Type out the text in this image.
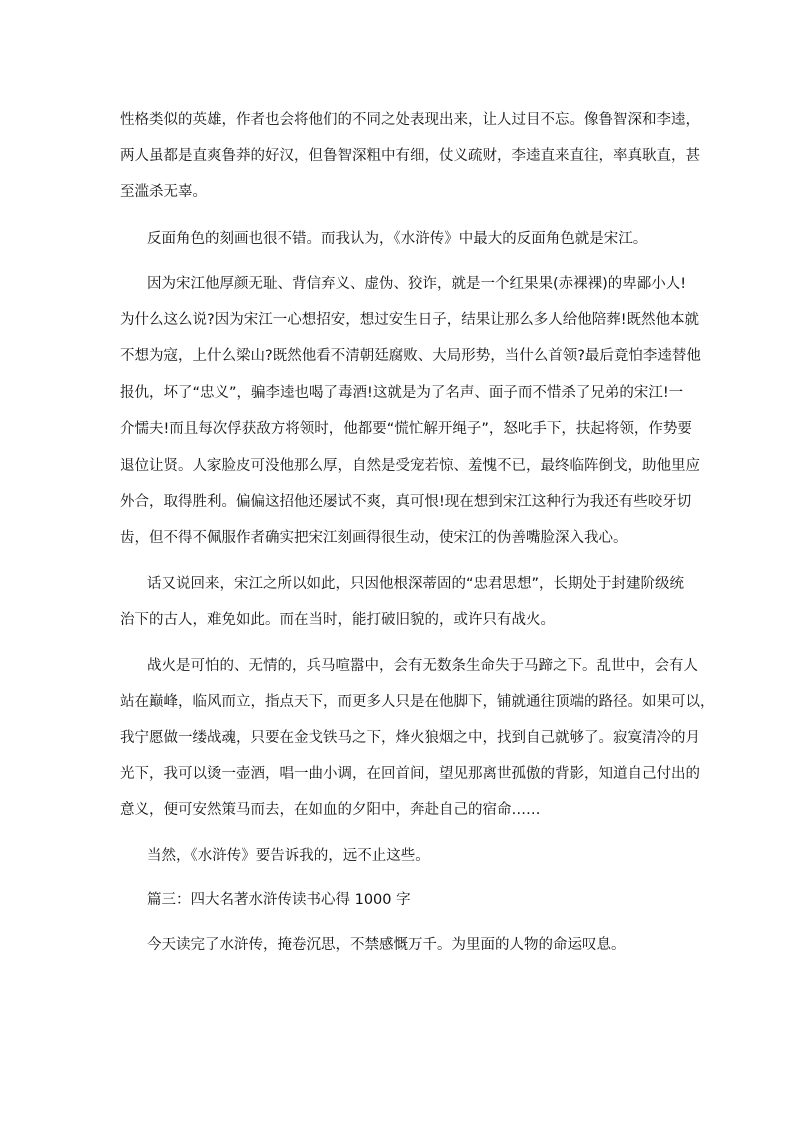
性格类似的英雄，作者也会将他们的不同之处表现出来，让人过目不忘。像鲁智深和李逵，
两人虽都是直爽鲁莽的好汉，但鲁智深粗中有细，仗义疏财，李逵直来直往，率真耿直，甚
至滥杀无辜。
反面角色的刻画也很不错。而我认为，《水浒传》中最大的反面角色就是宋江。
因为宋江他厚颜无耻、背信弃义、虚伪、狡诈，就是一个红果果(赤裸裸)的卑鄙小人!
为什么这么说?因为宋江一心想招安，想过安生日子，结果让那么多人给他陪葬!既然他本就
不想为寇，上什么梁山?既然他看不清朝廷腐败、大局形势，当什么首领?最后竟怕李逵替他
报仇，坏了“忠义”，骗李逵也喝了毒酒!这就是为了名声、面子而不惜杀了兄弟的宋江!一
介懦夫!而且每次俘获敌方将领时，他都要“慌忙解开绳子”，怒叱手下，扶起将领，作势要
退位让贤。人家脸皮可没他那么厚，自然是受宠若惊、羞愧不已，最终临阵倒戈，助他里应
外合，取得胜利。偏偏这招他还屡试不爽，真可恨!现在想到宋江这种行为我还有些咬牙切
齿，但不得不佩服作者确实把宋江刻画得很生动，使宋江的伪善嘴脸深入我心。
话又说回来，宋江之所以如此，只因他根深蒂固的“忠君思想”，长期处于封建阶级统
治下的古人，难免如此。而在当时，能打破旧貌的，或许只有战火。
战火是可怕的、无情的，兵马喧嚣中，会有无数条生命失于马蹄之下。乱世中，会有人
站在巅峰，临风而立，指点天下，而更多人只是在他脚下，铺就通往顶端的路径。如果可以，
我宁愿做一缕战魂，只要在金戈铁马之下，烽火狼烟之中，找到自己就够了。寂寞清冷的月
光下，我可以烫一壶酒，唱一曲小调，在回首间，望见那离世孤傲的背影，知道自己付出的
意义，便可安然策马而去，在如血的夕阳中，奔赴自己的宿命……
当然，《水浒传》要告诉我的，远不止这些。
篇三：四大名著水浒传读书心得 1000 字
今天读完了水浒传，掩卷沉思，不禁感慨万千。为里面的人物的命运叹息。
